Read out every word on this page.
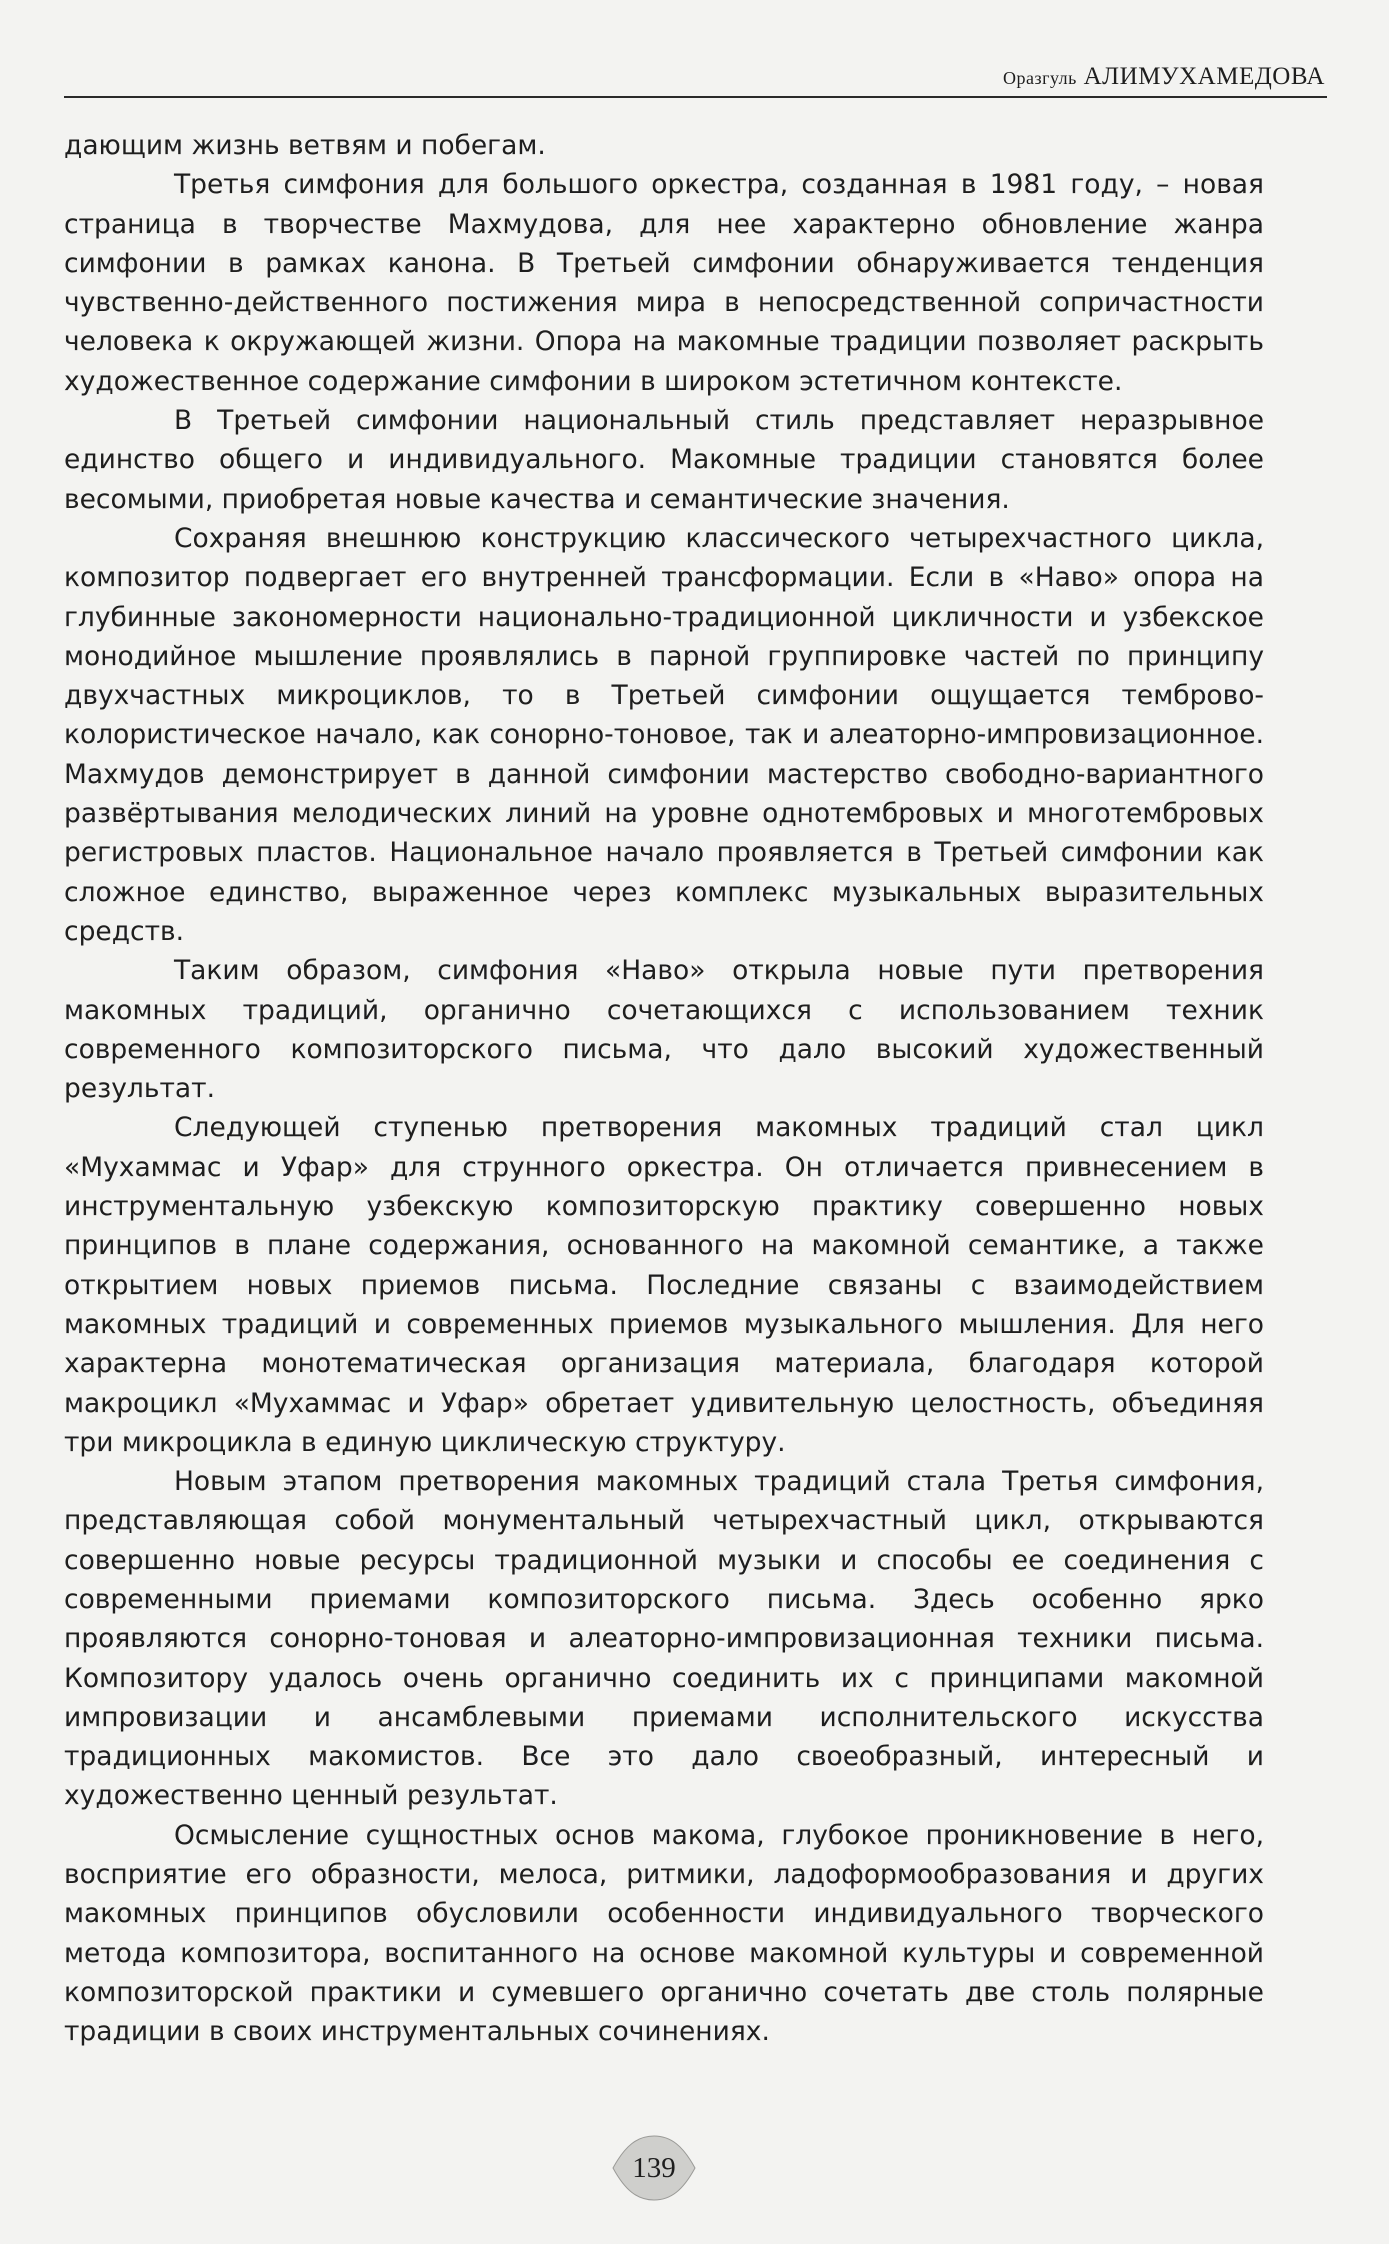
Оразгуль АЛИМУХАМЕДОВА

дающим жизнь ветвям и побегам.

Третья симфония для большого оркестра, созданная в 1981 году, – новая страница в творчестве Махмудова, для нее характерно обновление жанра симфонии в рамках канона. В Третьей симфонии обнаруживается тенденция чувственно-действенного постижения мира в непосредственной сопричастности человека к окружающей жизни. Опора на макомные традиции позволяет раскрыть художественное содержание симфонии в широком эстетичном контексте.

В Третьей симфонии национальный стиль представляет неразрывное единство общего и индивидуального. Макомные традиции становятся более весомыми, приобретая новые качества и семантические значения.

Сохраняя внешнюю конструкцию классического четырехчастного цикла, композитор подвергает его внутренней трансформации. Если в «Наво» опора на глубинные закономерности национально-традиционной цикличности и узбекское монодийное мышление проявлялись в парной группировке частей по принципу двухчастных микроциклов, то в Третьей симфонии ощущается темброво-колористическое начало, как сонорно-тоновое, так и алеаторно-импровизационное. Махмудов демонстрирует в данной симфонии мастерство свободно-вариантного развёртывания мелодических линий на уровне однотембровых и многотембровых регистровых пластов. Национальное начало проявляется в Третьей симфонии как сложное единство, выраженное через комплекс музыкальных выразительных средств.

Таким образом, симфония «Наво» открыла новые пути претворения макомных традиций, органично сочетающихся с использованием техник современного композиторского письма, что дало высокий художественный результат.

Следующей ступенью претворения макомных традиций стал цикл «Мухаммас и Уфар» для струнного оркестра. Он отличается привнесением в инструментальную узбекскую композиторскую практику совершенно новых принципов в плане содержания, основанного на макомной семантике, а также открытием новых приемов письма. Последние связаны с взаимодействием макомных традиций и современных приемов музыкального мышления. Для него характерна монотематическая организация материала, благодаря которой макроцикл «Мухаммас и Уфар» обретает удивительную целостность, объединяя три микроцикла в единую циклическую структуру.

Новым этапом претворения макомных традиций стала Третья симфония, представляющая собой монументальный четырехчастный цикл, открываются совершенно новые ресурсы традиционной музыки и способы ее соединения с современными приемами композиторского письма. Здесь особенно ярко проявляются сонорно-тоновая и алеаторно-импровизационная техники письма. Композитору удалось очень органично соединить их с принципами макомной импровизации и ансамблевыми приемами исполнительского искусства традиционных макомистов. Все это дало своеобразный, интересный и художественно ценный результат.

Осмысление сущностных основ макома, глубокое проникновение в него, восприятие его образности, мелоса, ритмики, ладоформообразования и других макомных принципов обусловили особенности индивидуального творческого метода композитора, воспитанного на основе макомной культуры и современной композиторской практики и сумевшего органично сочетать две столь полярные традиции в своих инструментальных сочинениях.

139
